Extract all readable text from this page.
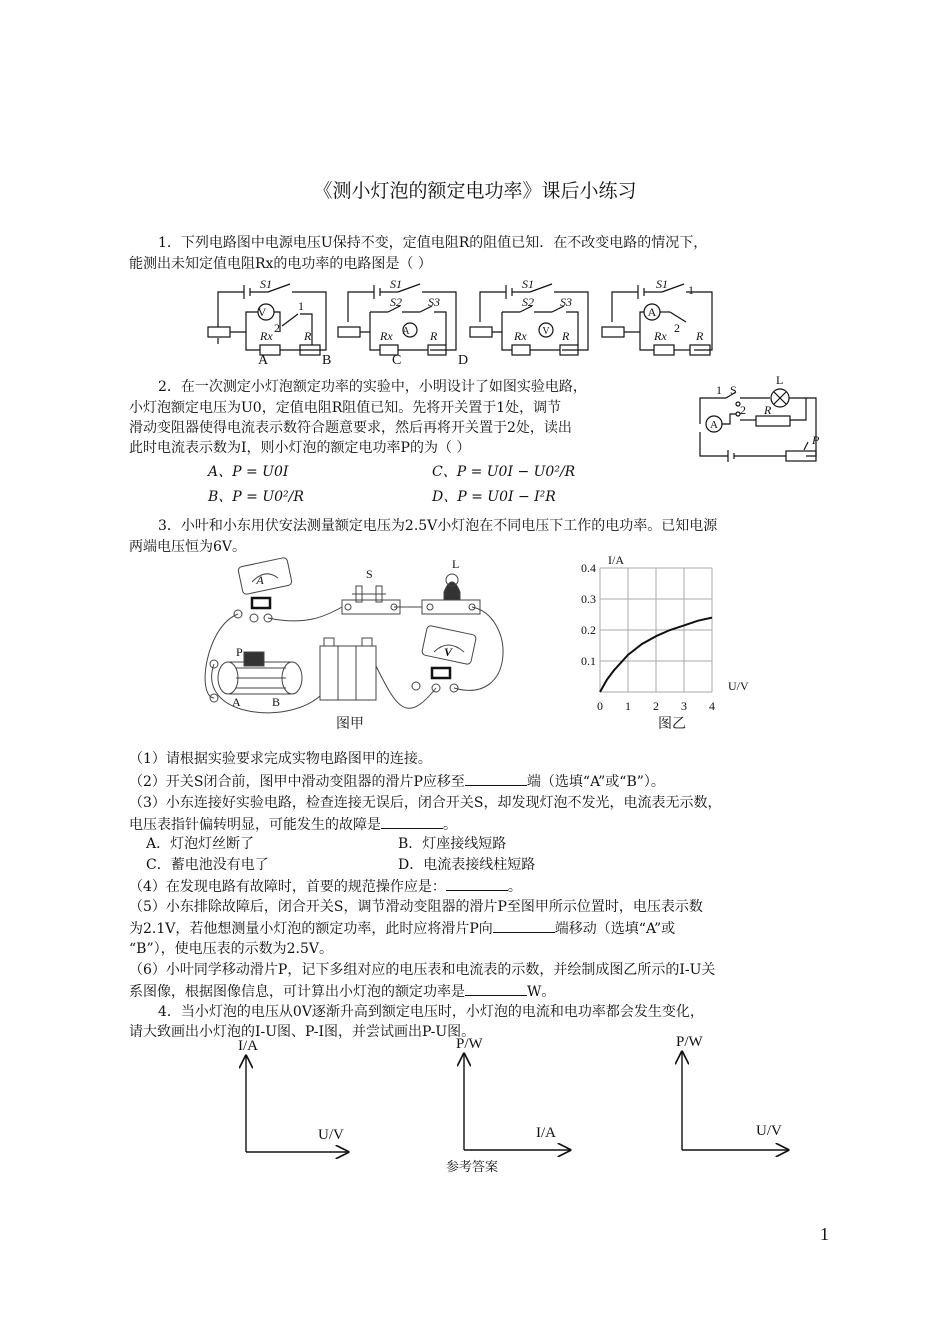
《测小灯泡的额定电功率》课后小练习
1．下列电路图中电源电压U保持不变，定值电阻R的阻值已知．在不改变电路的情况下，
能测出未知定值电阻Rx的电功率的电路图是（ ）
S1
V	1
2
Rx	R
S1
S2 S3
A
Rx	R
S1
S2 S3
V
Rx	R
S1
A
1
2
Rx R
A	B	C	D
2．在一次测定小灯泡额定功率的实验中，小明设计了如图实验电路，
小灯泡额定电压为U0，定值电阻R阻值已知。先将开关置于1处，调节
滑动变阻器使得电流表示数符合题意要求，然后再将开关置于2处，读出
此时电流表示数为I，则小灯泡的额定电功率P的为（ ）
A、P = U0I	C、P = U0I − U0²/R
B、P = U0²/R	D、P = U0I − I²R
1 S
2
L
A
R
P
3．小叶和小东用伏安法测量额定电压为2.5V小灯泡在不同电压下工作的电功率。已知电源
两端电压恒为6V。
A	S
L
P
A	B
V
图甲
0 1 2 3 4
0.1
0.2
0.3
0.4
I/A
U/V
图乙
（1）请根据实验要求完成实物电路图甲的连接。
（2）开关S闭合前，图甲中滑动变阻器的滑片P应移至	端（选填“A”或“B”）。
（3）小东连接好实验电路，检查连接无误后，闭合开关S，却发现灯泡不发光，电流表无示数，
电压表指针偏转明显，可能发生的故障是	。
A．灯泡灯丝断了	B．灯座接线短路
C．蓄电池没有电了	D．电流表接线柱短路
（4）在发现电路有故障时，首要的规范操作应是：	。
（5）小东排除故障后，闭合开关S，调节滑动变阻器的滑片P至图甲所示位置时，电压表示数
为2.1V，若他想测量小灯泡的额定功率，此时应将滑片P向	端移动（选填“A”或
“B”），使电压表的示数为2.5V。
（6）小叶同学移动滑片P，记下多组对应的电压表和电流表的示数，并绘制成图乙所示的I-U关
系图像，根据图像信息，可计算出小灯泡的额定功率是	W。
4．当小灯泡的电压从0V逐渐升高到额定电压时，小灯泡的电流和电功率都会发生变化，
请大致画出小灯泡的I-U图、P-I图，并尝试画出P-U图。
I/A
U/V
P/W
I/A
P/W
U/V
参考答案
1
